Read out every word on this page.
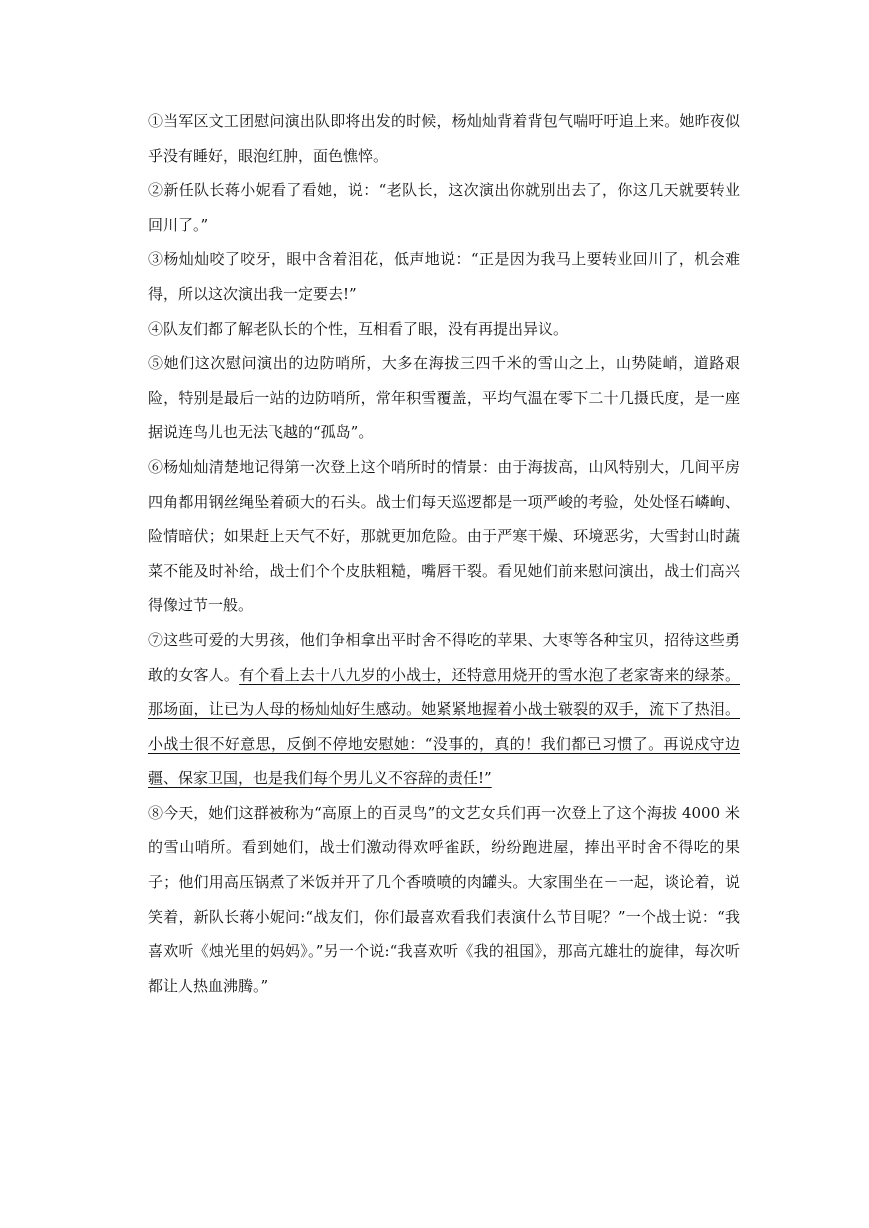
①当军区文工团慰问演出队即将出发的时候，杨灿灿背着背包气喘吁吁追上来。她昨夜似乎没有睡好，眼泡红肿，面色憔悴。

②新任队长蒋小妮看了看她，说：“老队长，这次演出你就别出去了，你这几天就要转业回川了。”

③杨灿灿咬了咬牙，眼中含着泪花，低声地说：“正是因为我马上要转业回川了，机会难得，所以这次演出我一定要去!”

④队友们都了解老队长的个性，互相看了眼，没有再提出异议。

⑤她们这次慰问演出的边防哨所，大多在海拔三四千米的雪山之上，山势陡峭，道路艰险，特别是最后一站的边防哨所，常年积雪覆盖，平均气温在零下二十几摄氏度，是一座据说连鸟儿也无法飞越的“孤岛”。

⑥杨灿灿清楚地记得第一次登上这个哨所时的情景：由于海拔高，山风特别大，几间平房四角都用钢丝绳坠着硕大的石头。战士们每天巡逻都是一项严峻的考验，处处怪石嶙峋、险情暗伏；如果赶上天气不好，那就更加危险。由于严寒干燥、环境恶劣，大雪封山时蔬菜不能及时补给，战士们个个皮肤粗糙，嘴唇干裂。看见她们前来慰问演出，战士们高兴得像过节一般。

⑦这些可爱的大男孩，他们争相拿出平时舍不得吃的苹果、大枣等各种宝贝，招待这些勇敢的女客人。有个看上去十八九岁的小战士，还特意用烧开的雪水泡了老家寄来的绿茶。那场面，让已为人母的杨灿灿好生感动。她紧紧地握着小战士皲裂的双手，流下了热泪。小战士很不好意思，反倒不停地安慰她：“没事的，真的！我们都已习惯了。再说戍守边疆、保家卫国，也是我们每个男儿义不容辞的责任!”

⑧今天，她们这群被称为“高原上的百灵鸟”的文艺女兵们再一次登上了这个海拔 4000 米的雪山哨所。看到她们，战士们激动得欢呼雀跃，纷纷跑进屋，捧出平时舍不得吃的果子；他们用高压锅煮了米饭并开了几个香喷喷的肉罐头。大家围坐在－一起，谈论着，说笑着，新队长蒋小妮问:“战友们，你们最喜欢看我们表演什么节目呢？”一个战士说：“我喜欢听《烛光里的妈妈》。”另一个说:“我喜欢听《我的祖国》，那高亢雄壮的旋律，每次听都让人热血沸腾。”
